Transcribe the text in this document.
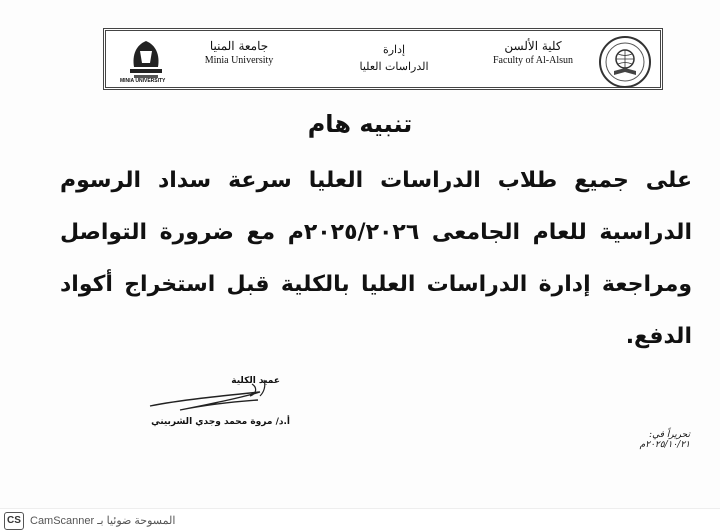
MINIA UNIVERSITY
جامعة المنيا
Minia University
إدارة
الدراسات العليا
كلية الألسن
Faculty of Al-Alsun
تنبيه هام
على جميع طلاب الدراسات العليا سرعة سداد الرسوم الدراسية للعام الجامعى ٢٠٢٥/٢٠٢٦م مع ضرورة التواصل ومراجعة إدارة الدراسات العليا بالكلية قبل استخراج أكواد الدفع.
عميد الكلية
أ.د/ مروة محمد وجدي الشربيني
تحريراً في: ٢٠٢٥/١٠/٢١م
CS المسوحة ضوئيا بـ CamScanner
